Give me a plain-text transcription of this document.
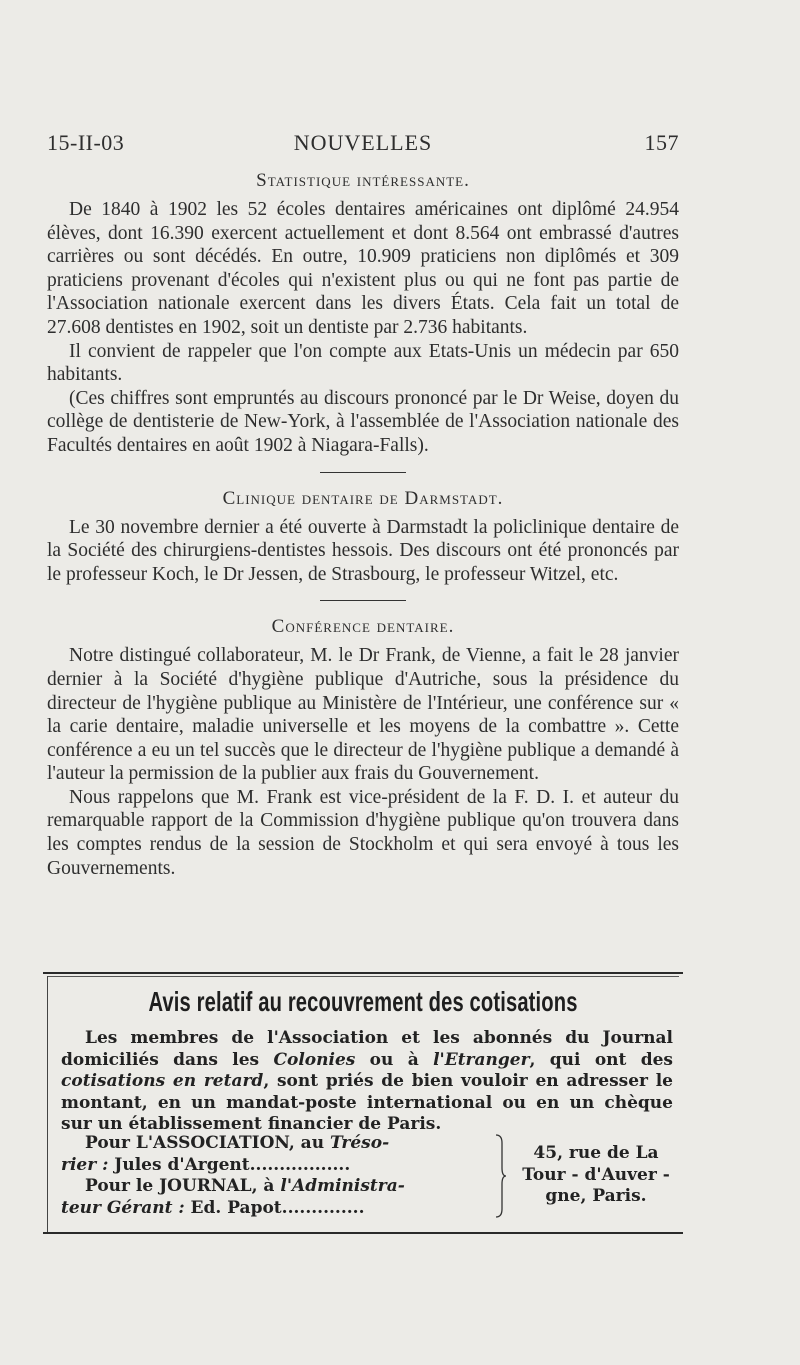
15-II-03	NOUVELLES	157
Statistique intéressante.

De 1840 à 1902 les 52 écoles dentaires américaines ont diplômé 24.954 élèves, dont 16.390 exercent actuellement et dont 8.564 ont embrassé d'autres carrières ou sont décédés. En outre, 10.909 praticiens non diplômés et 309 praticiens provenant d'écoles qui n'existent plus ou qui ne font pas partie de l'Association nationale exercent dans les divers États. Cela fait un total de 27.608 dentistes en 1902, soit un dentiste par 2.736 habitants.

Il convient de rappeler que l'on compte aux Etats-Unis un médecin par 650 habitants.

(Ces chiffres sont empruntés au discours prononcé par le Dr Weise, doyen du collège de dentisterie de New-York, à l'assemblée de l'Association nationale des Facultés dentaires en août 1902 à Niagara-Falls).

Clinique dentaire de Darmstadt.

Le 30 novembre dernier a été ouverte à Darmstadt la policlinique dentaire de la Société des chirurgiens-dentistes hessois. Des discours ont été prononcés par le professeur Koch, le Dr Jessen, de Strasbourg, le professeur Witzel, etc.

Conférence dentaire.

Notre distingué collaborateur, M. le Dr Frank, de Vienne, a fait le 28 janvier dernier à la Société d'hygiène publique d'Autriche, sous la présidence du directeur de l'hygiène publique au Ministère de l'Intérieur, une conférence sur « la carie dentaire, maladie universelle et les moyens de la combattre ». Cette conférence a eu un tel succès que le directeur de l'hygiène publique a demandé à l'auteur la permission de la publier aux frais du Gouvernement.

Nous rappelons que M. Frank est vice-président de la F. D. I. et auteur du remarquable rapport de la Commission d'hygiène publique qu'on trouvera dans les comptes rendus de la session de Stockholm et qui sera envoyé à tous les Gouvernements.

Avis relatif au recouvrement des cotisations
Les membres de l'Association et les abonnés du Journal domiciliés dans les Colonies ou à l'Etranger, qui ont des cotisations en retard, sont priés de bien vouloir en adresser le montant, en un mandat-poste international ou en un chèque sur un établissement financier de Paris.
Pour L'ASSOCIATION, au Tréso-
rier : Jules d'Argent.................
Pour le JOURNAL, à l'Administra-
teur Gérant : Ed. Papot..............
45, rue de La Tour - d'Auver - gne, Paris.
